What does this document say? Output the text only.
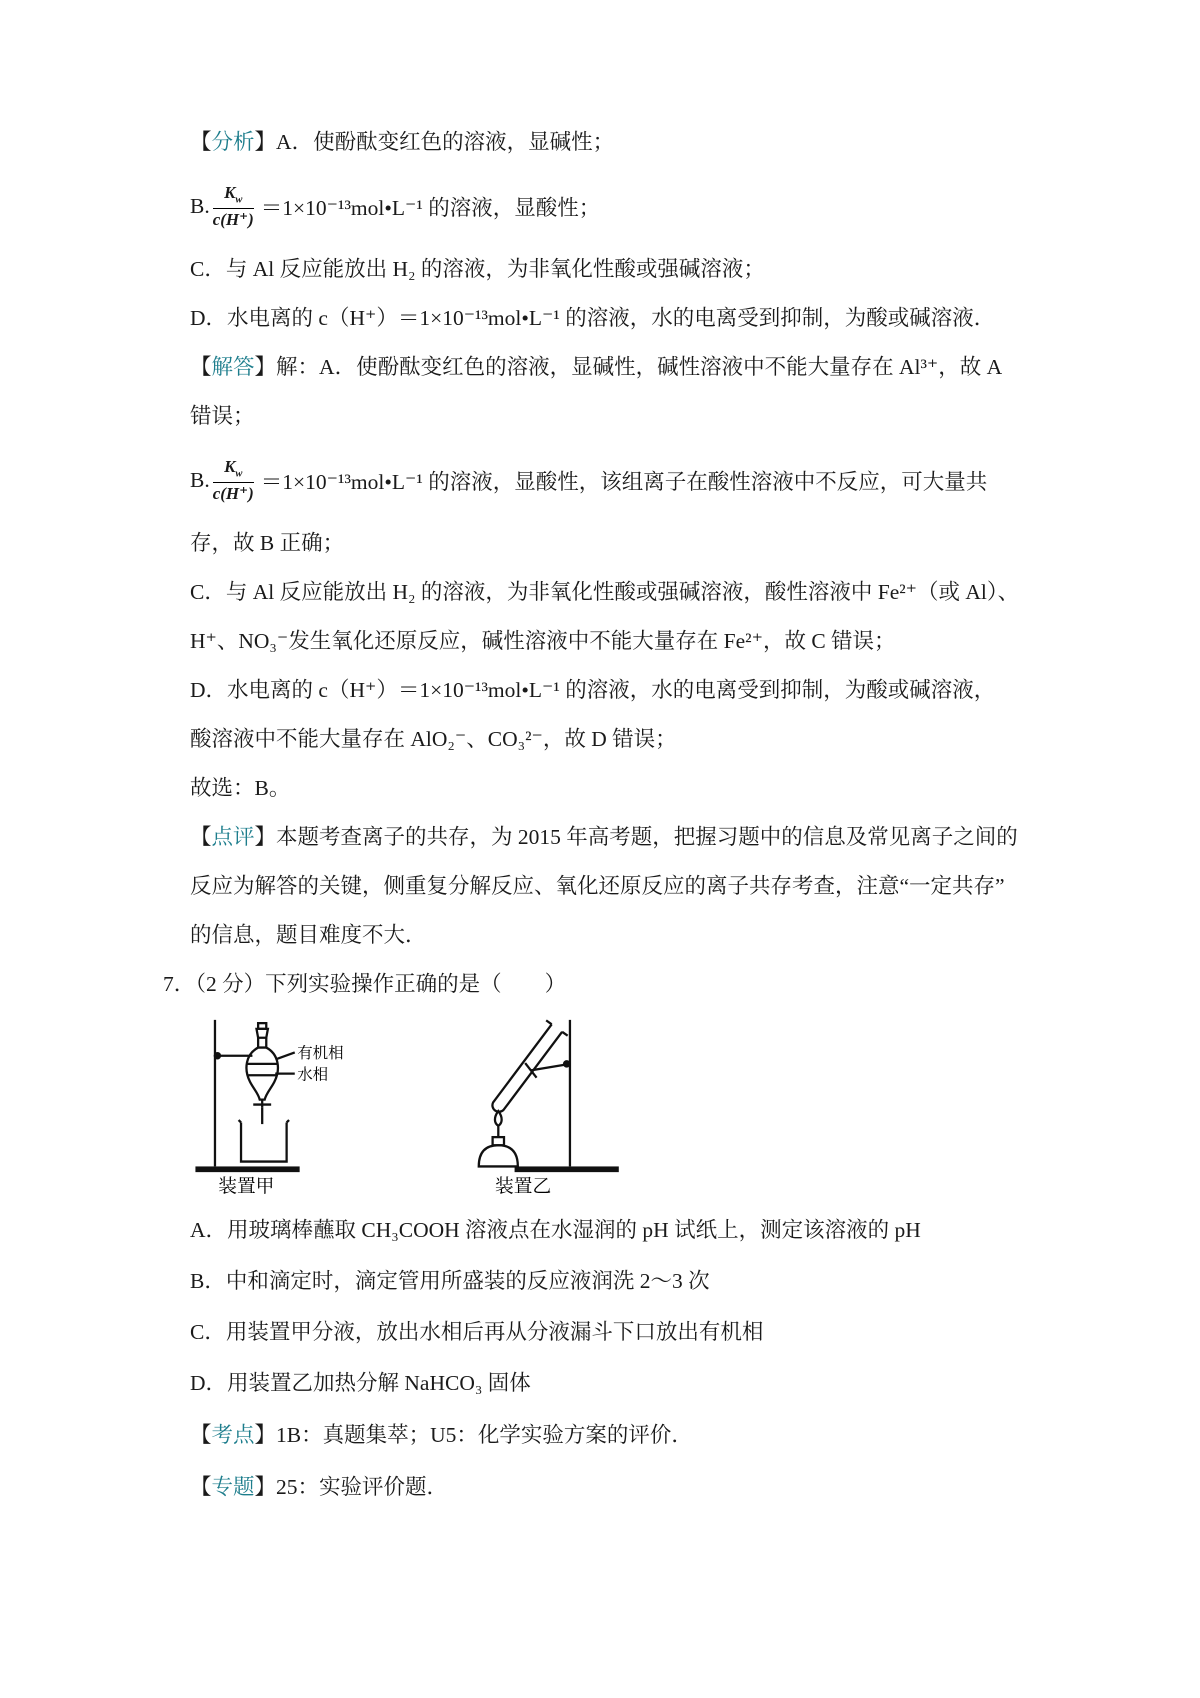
【分析】A．使酚酞变红色的溶液，显碱性；
B. $\frac{K_w}{c(H^+)}$ ＝1×10⁻¹³mol•L⁻¹ 的溶液，显酸性；
C．与 Al 反应能放出 H₂ 的溶液，为非氧化性酸或强碱溶液；
D．水电离的 c（H⁺）＝1×10⁻¹³mol•L⁻¹ 的溶液，水的电离受到抑制，为酸或碱溶液．
【解答】解：A．使酚酞变红色的溶液，显碱性，碱性溶液中不能大量存在 Al³⁺，故 A
错误；
B. $\frac{K_w}{c(H^+)}$ ＝1×10⁻¹³mol•L⁻¹ 的溶液，显酸性，该组离子在酸性溶液中不反应，可大量共
存，故 B 正确；
C．与 Al 反应能放出 H₂ 的溶液，为非氧化性酸或强碱溶液，酸性溶液中 Fe²⁺（或 Al）、
H⁺、NO₃⁻发生氧化还原反应，碱性溶液中不能大量存在 Fe²⁺，故 C 错误；
D．水电离的 c（H⁺）＝1×10⁻¹³mol•L⁻¹ 的溶液，水的电离受到抑制，为酸或碱溶液，
酸溶液中不能大量存在 AlO₂⁻、CO₃²⁻，故 D 错误；
故选：B。
【点评】本题考查离子的共存，为 2015 年高考题，把握习题中的信息及常见离子之间的
反应为解答的关键，侧重复分解反应、氧化还原反应的离子共存考查，注意“一定共存”
的信息，题目难度不大．
7．（2 分）下列实验操作正确的是（　　）
有机相
水相
装置甲	装置乙
A．用玻璃棒蘸取 CH₃COOH 溶液点在水湿润的 pH 试纸上，测定该溶液的 pH
B．中和滴定时，滴定管用所盛装的反应液润洗 2～3 次
C．用装置甲分液，放出水相后再从分液漏斗下口放出有机相
D．用装置乙加热分解 NaHCO₃ 固体
【考点】1B：真题集萃；U5：化学实验方案的评价．
【专题】25：实验评价题．
